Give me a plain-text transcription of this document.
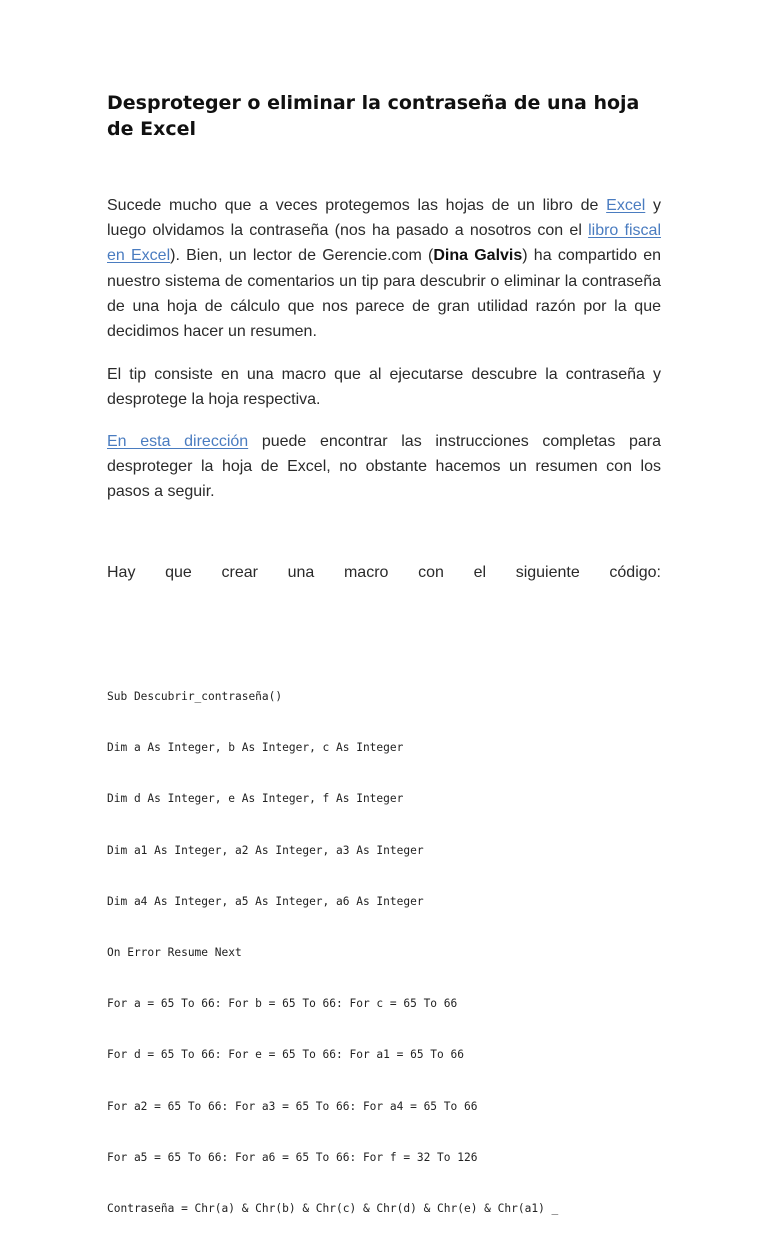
Desproteger o eliminar la contraseña de una hoja de Excel

Sucede mucho que a veces protegemos las hojas de un libro de Excel y luego olvidamos la contraseña (nos ha pasado a nosotros con el libro fiscal en Excel). Bien, un lector de Gerencie.com (Dina Galvis) ha compartido en nuestro sistema de comentarios un tip para descubrir o eliminar la contraseña de una hoja de cálculo que nos parece de gran utilidad razón por la que decidimos hacer un resumen.

El tip consiste en una macro que al ejecutarse descubre la contraseña y desprotege la hoja respectiva.

En esta dirección puede encontrar las instrucciones completas para desproteger la hoja de Excel, no obstante hacemos un resumen con los pasos a seguir.

Hay que crear una macro con el siguiente código:

Sub Descubrir_contraseña()

Dim a As Integer, b As Integer, c As Integer

Dim d As Integer, e As Integer, f As Integer

Dim a1 As Integer, a2 As Integer, a3 As Integer

Dim a4 As Integer, a5 As Integer, a6 As Integer

On Error Resume Next

For a = 65 To 66: For b = 65 To 66: For c = 65 To 66

For d = 65 To 66: For e = 65 To 66: For a1 = 65 To 66

For a2 = 65 To 66: For a3 = 65 To 66: For a4 = 65 To 66

For a5 = 65 To 66: For a6 = 65 To 66: For f = 32 To 126

Contraseña = Chr(a) & Chr(b) & Chr(c) & Chr(d) & Chr(e) & Chr(a1) _
